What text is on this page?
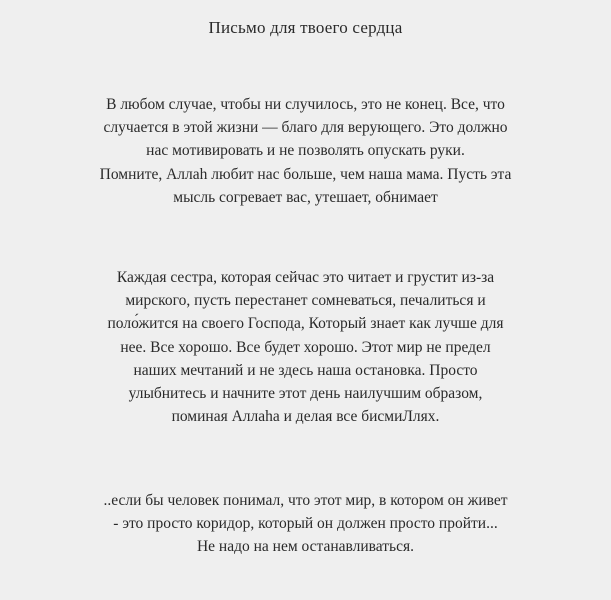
Письмо для твоего сердца

В любом случае, чтобы ни случилось, это не конец. Все, что
случается в этой жизни — благо для верующего. Это должно
нас мотивировать и не позволять опускать руки.
Помните, Аллаh любит нас больше, чем наша мама. Пусть эта
мысль согревает вас, утешает, обнимает

Каждая сестра, которая сейчас это читает и грустит из-за
мирского, пусть перестанет сомневаться, печалиться и
поло́жится на своего Господа, Который знает как лучше для
нее. Все хорошо. Все будет хорошо. Этот мир не предел
наших мечтаний и не здесь наша остановка. Просто
улыбнитесь и начните этот день наилучшим образом,
поминая Аллаhа и делая все бисмиЛлях.

..если бы человек понимал, что этот мир, в котором он живет
- это просто коридор, который он должен просто пройти...
Не надо на нем останавливаться.
